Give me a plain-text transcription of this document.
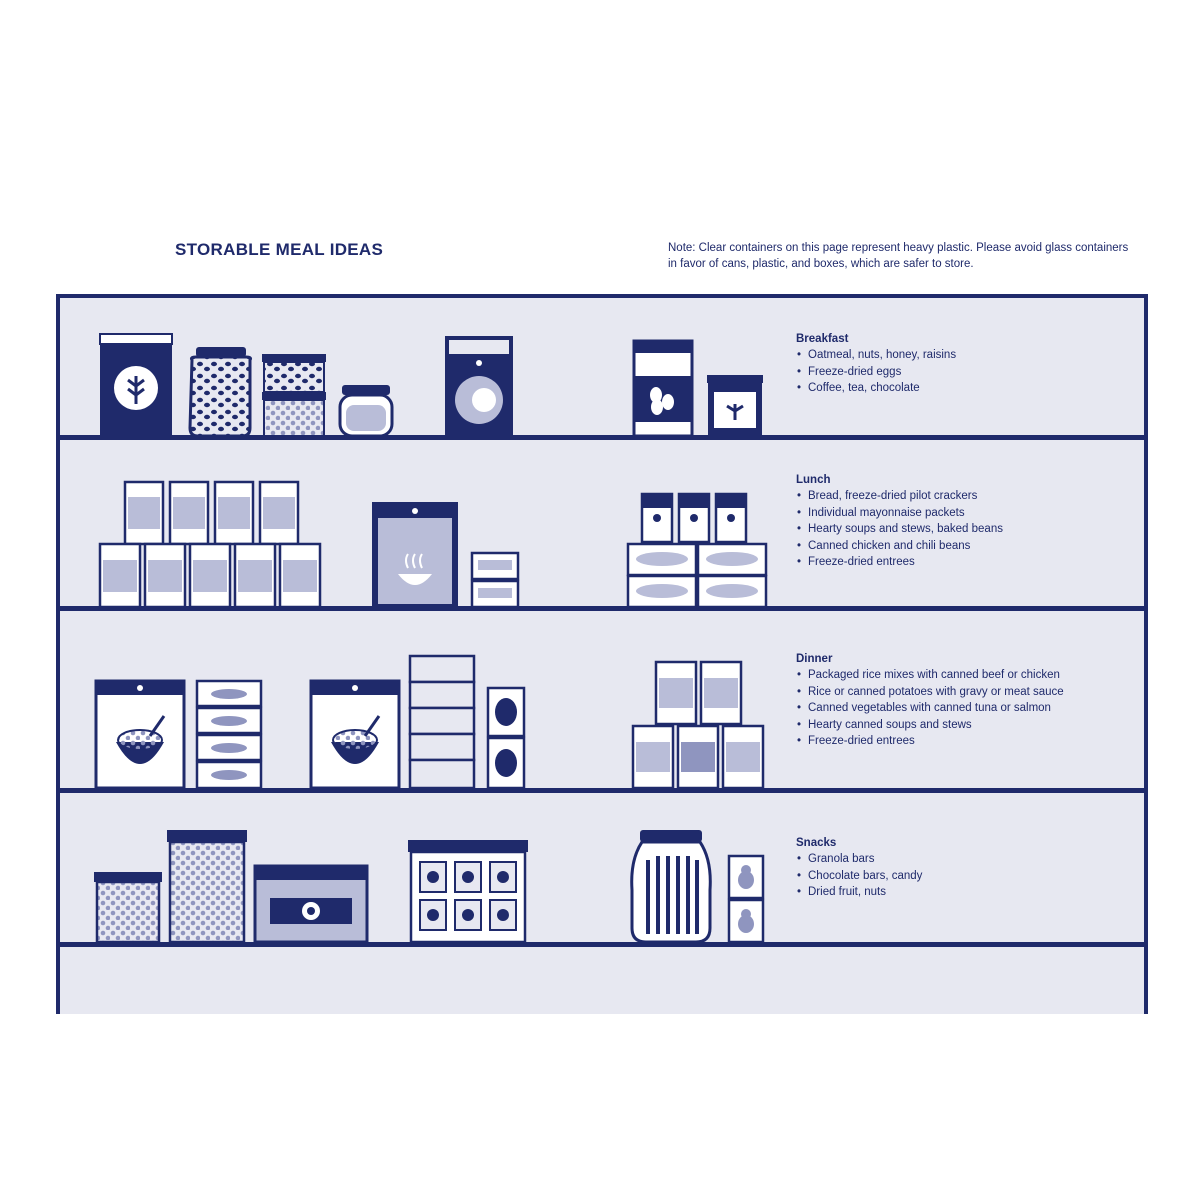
STORABLE MEAL IDEAS	Note: Clear containers on this page represent heavy plastic. Please avoid glass containers in favor of cans, plastic, and boxes, which are safer to store.
Breakfast
• Oatmeal, nuts, honey, raisins
• Freeze-dried eggs
• Coffee, tea, chocolate
Lunch
• Bread, freeze-dried pilot crackers
• Individual mayonnaise packets
• Hearty soups and stews, baked beans
• Canned chicken and chili beans
• Freeze-dried entrees
Dinner
• Packaged rice mixes with canned beef or chicken
• Rice or canned potatoes with gravy or meat sauce
• Canned vegetables with canned tuna or salmon
• Hearty canned soups and stews
• Freeze-dried entrees
Snacks
• Granola bars
• Chocolate bars, candy
• Dried fruit, nuts
